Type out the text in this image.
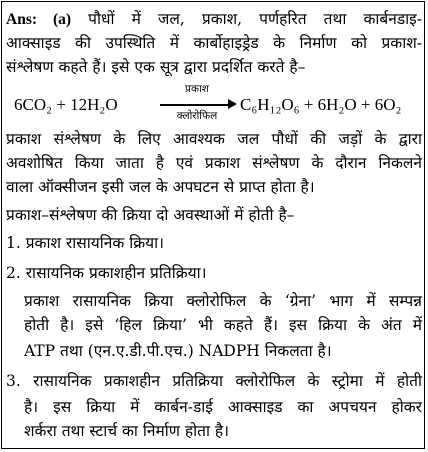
Ans: (a) पौधों में जल, प्रकाश, पर्णहरित तथा कार्बनडाइ-
आक्साइड की उपस्थिति में कार्बोहाइड्रेड के निर्माण को प्रकाश-
संश्लेषण कहते हैं। इसे एक सूत्र द्वारा प्रदर्शित करते है–
6CO₂ + 12H₂O
प्रकाश
क्लोरोफिल
C₆H₁₂O₆ + 6H₂O + 6O₂
प्रकाश संश्लेषण के लिए आवश्यक जल पौधों की जड़ों के द्वारा
अवशोषित किया जाता है एवं प्रकाश संश्लेषण के दौरान निकलने
वाला ऑक्सीजन इसी जल के अपघटन से प्राप्त होता है।
प्रकाश–संश्लेषण की क्रिया दो अवस्थाओं में होती है–
1. प्रकाश रासायनिक क्रिया।
2. रासायनिक प्रकाशहीन प्रतिक्रिया।
प्रकाश रासायनिक क्रिया क्लोरोफिल के ‘ग्रेना’ भाग में सम्पन्न
होती है। इसे ‘हिल क्रिया’ भी कहते हैं। इस क्रिया के अंत में
ATP तथा (एन.ए.डी.पी.एच.) NADPH निकलता है।
3. रासायनिक प्रकाशहीन प्रतिक्रिया क्लोरोफिल के स्ट्रोमा में होती
है। इस क्रिया में कार्बन-डाई आक्साइड का अपचयन होकर
शर्करा तथा स्टार्च का निर्माण होता है।
